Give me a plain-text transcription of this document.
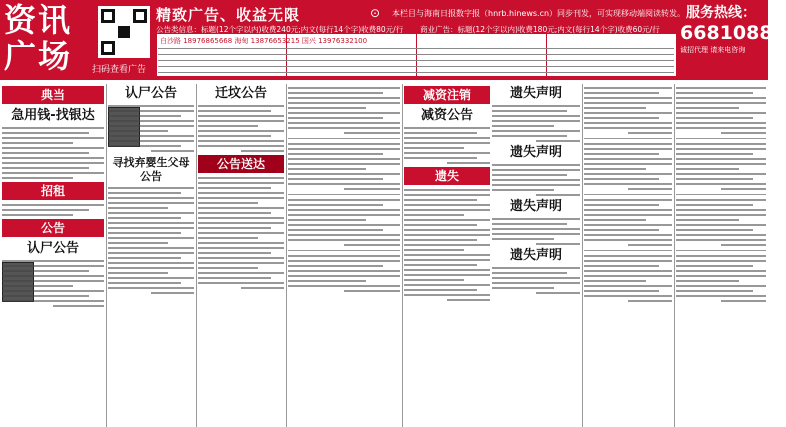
资讯广场	扫码查看广告
精致广告、收益无限	⊙ 本栏目与海南日报数字报（hnrb.hinews.cn）同步刊发，可实现移动端阅读转发。
公告类信息：标题(12个字以内)收费240元;内文(每行14个字)收费80元/行 商业广告：标题(12个字以内)收费180元;内文(每行14个字)收费60元/行
白沙路 18976865668 海甸 13876653215 国兴 13976332100
服务热线：
66810888
诚招代理 请来电咨询
典当
急用钱-找银达
招租
公告
认尸公告
认尸公告
寻找弃婴生父母公告
迁坟公告
公告送达
减资注销
减资公告
遗失
遗失声明
遗失声明
遗失声明
遗失声明
